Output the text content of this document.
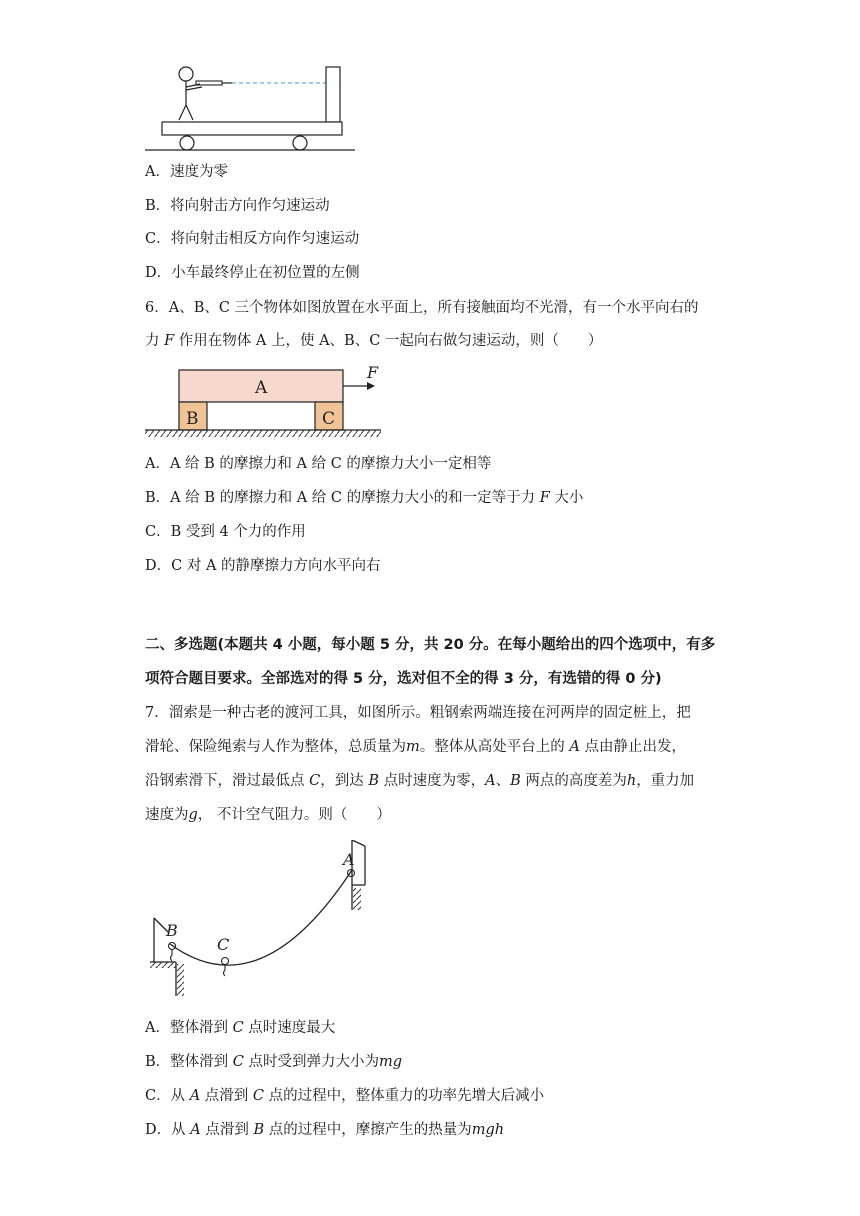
A．速度为零
B．将向射击方向作匀速运动
C．将向射击相反方向作匀速运动
D．小车最终停止在初位置的左侧
6．A、B、C 三个物体如图放置在水平面上，所有接触面均不光滑，有一个水平向右的
力 F 作用在物体 A 上，使 A、B、C 一起向右做匀速运动，则（　　）
A
B	C
F
A．A 给 B 的摩擦力和 A 给 C 的摩擦力大小一定相等
B．A 给 B 的摩擦力和 A 给 C 的摩擦力大小的和一定等于力 F 大小
C．B 受到 4 个力的作用
D．C 对 A 的静摩擦力方向水平向右
二、多选题(本题共 4 小题，每小题 5 分，共 20 分。在每小题给出的四个选项中，有多
项符合题目要求。全部选对的得 5 分，选对但不全的得 3 分，有选错的得 0 分)
7．溜索是一种古老的渡河工具，如图所示。粗钢索两端连接在河两岸的固定桩上，把
滑轮、保险绳索与人作为整体，总质量为m。整体从高处平台上的 A 点由静止出发，
沿钢索滑下，滑过最低点 C，到达 B 点时速度为零，A、B 两点的高度差为h，重力加
速度为g， 不计空气阻力。则（　　）
A
B
C
A．整体滑到 C 点时速度最大
B．整体滑到 C 点时受到弹力大小为mg
C．从 A 点滑到 C 点的过程中，整体重力的功率先增大后减小
D．从 A 点滑到 B 点的过程中，摩擦产生的热量为mgh
